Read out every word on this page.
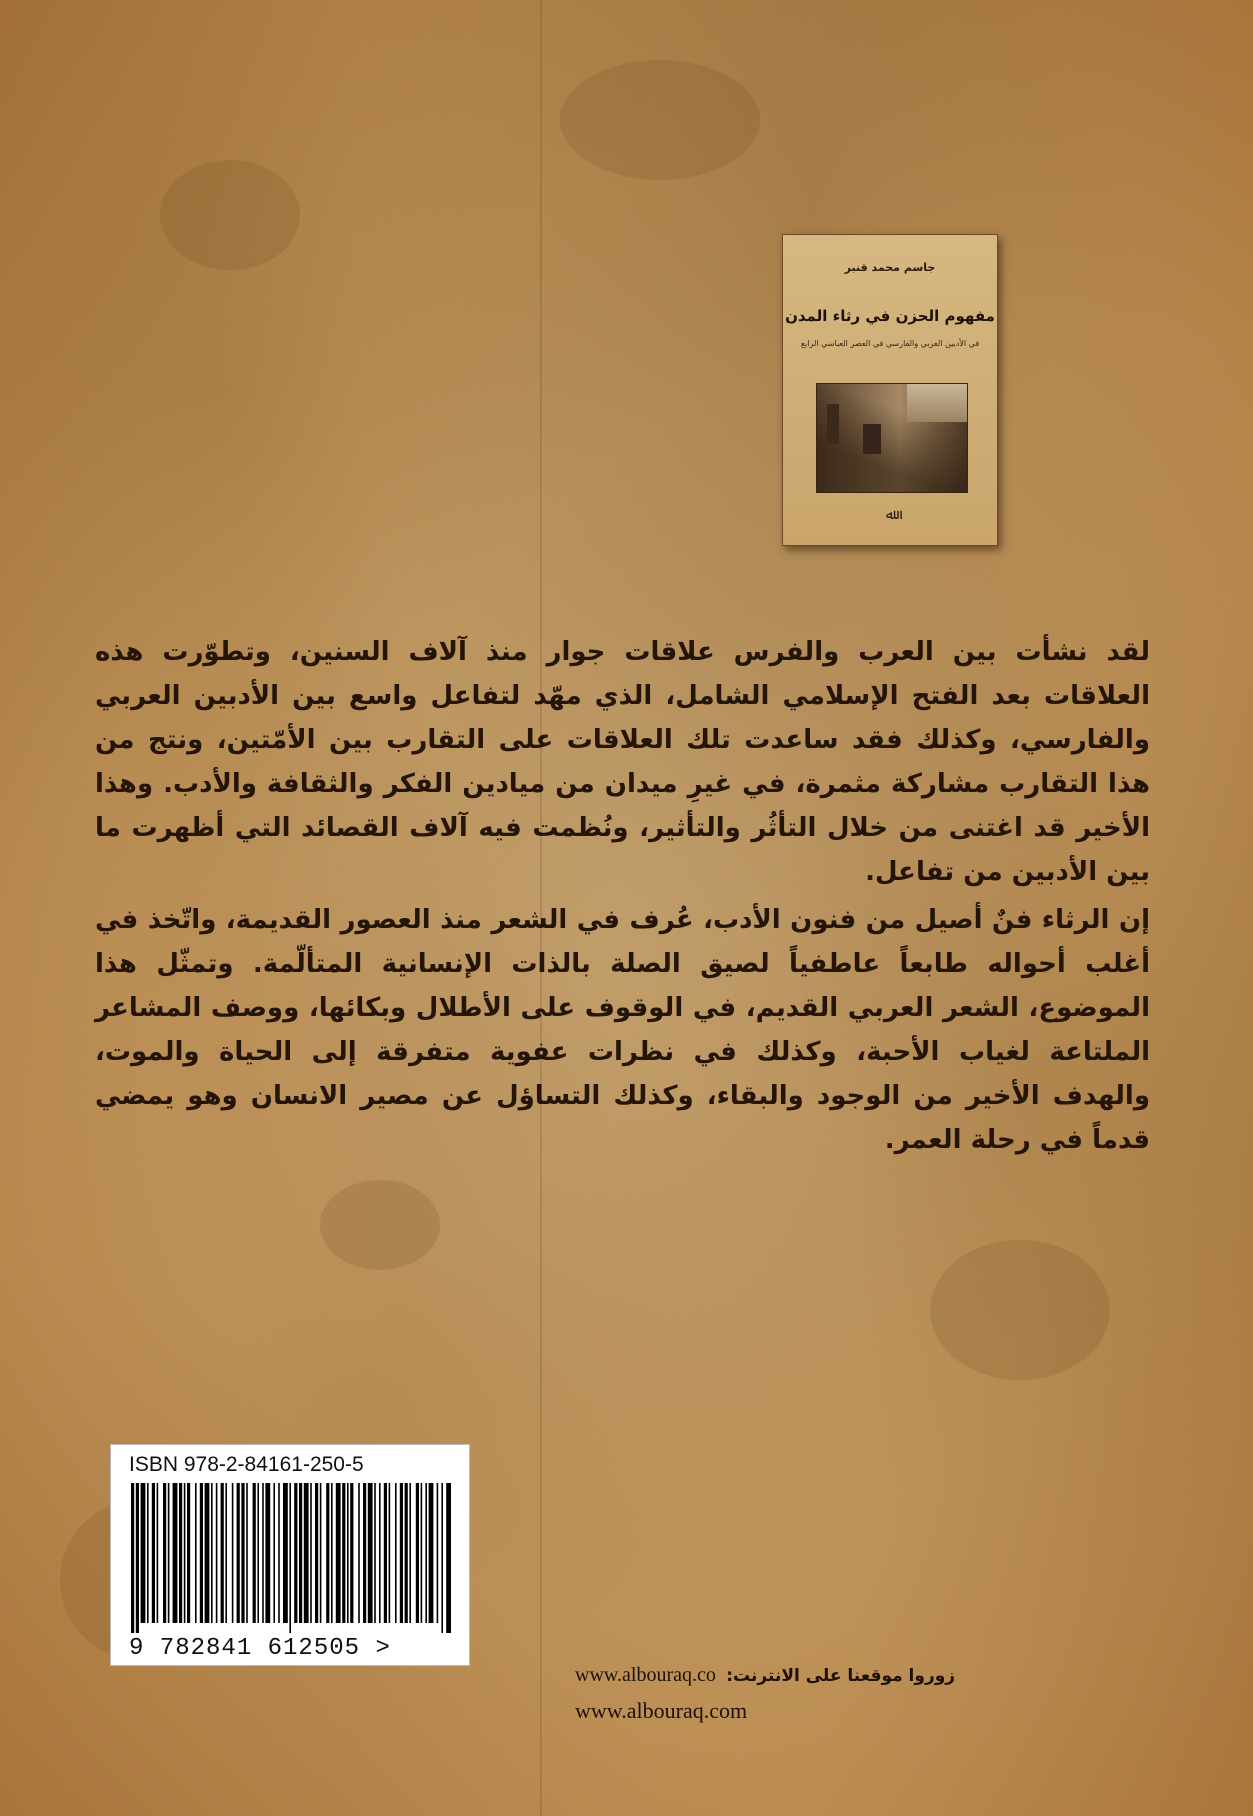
جاسم محمد قنبر
مفهوم الحزن في رثاء المدن
في الأدبين العربي والفارسي في العصر العباسي الرابع
ﷲ

لقد نشأت بين العرب والفرس علاقات جوار منذ آلاف السنين، وتطوّرت هذه العلاقات بعد الفتح الإسلامي الشامل، الذي مهّد لتفاعل واسع بين الأدبين العربي والفارسي، وكذلك فقد ساعدت تلك العلاقات على التقارب بين الأمّتين، ونتج من هذا التقارب مشاركة مثمرة، في غيرِ ميدان من ميادين الفكر والثقافة والأدب. وهذا الأخير قد اغتنى من خلال التأثُر والتأثير، ونُظمت فيه آلاف القصائد التي أظهرت ما بين الأدبين من تفاعل.

إن الرثاء فنٌ أصيل من فنون الأدب، عُرف في الشعر منذ العصور القديمة، واتّخذ في أغلب أحواله طابعاً عاطفياً لصيق الصلة بالذات الإنسانية المتألّمة. وتمثّل هذا الموضوع، الشعر العربي القديم، في الوقوف على الأطلال وبكائها، ووصف المشاعر الملتاعة لغياب الأحبة، وكذلك في نظرات عفوية متفرقة إلى الحياة والموت، والهدف الأخير من الوجود والبقاء، وكذلك التساؤل عن مصير الانسان وهو يمضي قدماً في رحلة العمر.

ISBN 978-2-84161-250-5
9 782841 612505 >
www.albouraq.co زوروا موقعنا على الانترنت:
www.albouraq.com
